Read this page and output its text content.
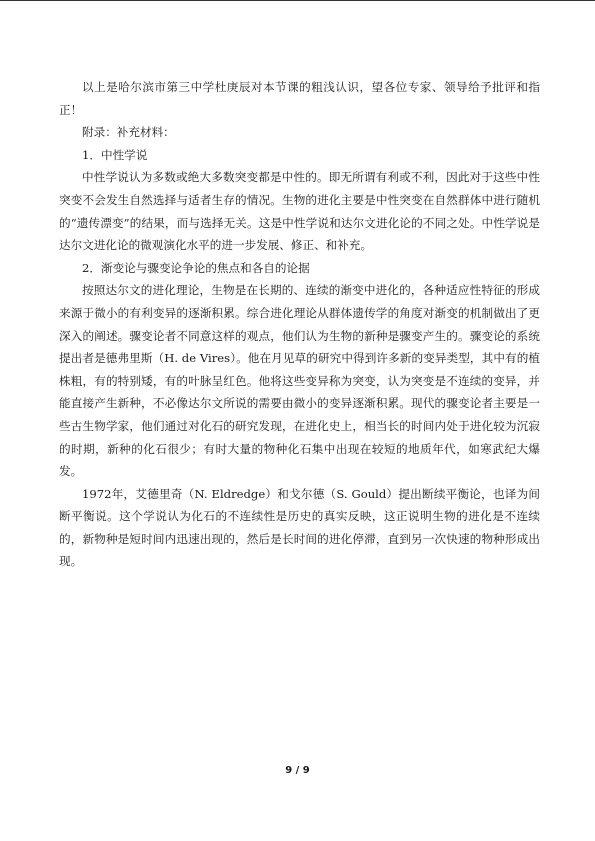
以上是哈尔滨市第三中学杜庚辰对本节课的粗浅认识，望各位专家、领导给予批评和指正！

附录：补充材料：

1．中性学说

中性学说认为多数或绝大多数突变都是中性的。即无所谓有利或不利，因此对于这些中性突变不会发生自然选择与适者生存的情况。生物的进化主要是中性突变在自然群体中进行随机的“遗传漂变”的结果，而与选择无关。这是中性学说和达尔文进化论的不同之处。中性学说是达尔文进化论的微观演化水平的进一步发展、修正、和补充。

2．渐变论与骤变论争论的焦点和各自的论据

按照达尔文的进化理论，生物是在长期的、连续的渐变中进化的，各种适应性特征的形成来源于微小的有利变异的逐渐积累。综合进化理论从群体遗传学的角度对渐变的机制做出了更深入的阐述。骤变论者不同意这样的观点，他们认为生物的新种是骤变产生的。骤变论的系统提出者是德弗里斯（H. de Vires）。他在月见草的研究中得到许多新的变异类型，其中有的植株粗，有的特别矮，有的叶脉呈红色。他将这些变异称为突变，认为突变是不连续的变异，并能直接产生新种，不必像达尔文所说的需要由微小的变异逐渐积累。现代的骤变论者主要是一些古生物学家，他们通过对化石的研究发现，在进化史上，相当长的时间内处于进化较为沉寂的时期，新种的化石很少；有时大量的物种化石集中出现在较短的地质年代，如寒武纪大爆发。

1972年，艾德里奇（N. Eldredge）和戈尔德（S. Gould）提出断续平衡论，也译为间断平衡说。这个学说认为化石的不连续性是历史的真实反映，这正说明生物的进化是不连续的，新物种是短时间内迅速出现的，然后是长时间的进化停滞，直到另一次快速的物种形成出现。

9 / 9
